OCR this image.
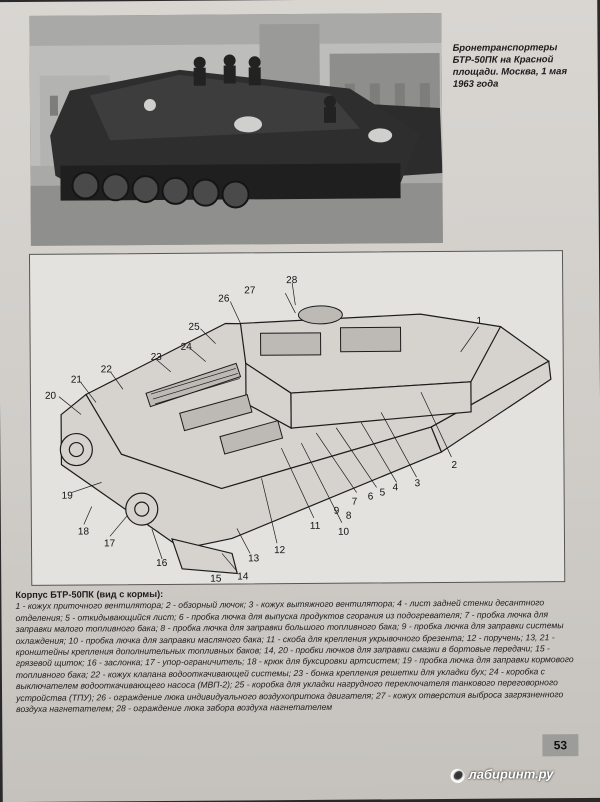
Бронетранспортеры БТР-50ПК на Красной площади. Москва, 1 мая 1963 года
1
2
3
4
5
6
7
8
9
10
11
12
13
14
15
16
17
18
19
20
21
22
23
24
25
26
27
28
Корпус БТР-50ПК (вид с кормы):
1 - кожух приточного вентилятора; 2 - обзорный лючок; 3 - кожух вытяжного вентилятора; 4 - лист задней стенки десантного отделения; 5 - откидывающийся лист; 6 - пробка лючка для выпуска продуктов сгорания из подогревателя; 7 - пробка лючка для заправки малого топливного бака; 8 - пробка лючка для заправки большого топливного бака; 9 - пробка лючка для заправки системы охлаждения; 10 - пробка лючка для заправки масляного бака; 11 - скоба для крепления укрывочного брезента; 12 - поручень; 13, 21 - кронштейны крепления дополнительных топливных баков; 14, 20 - пробки лючков для заправки смазки в бортовые передачи; 15 - грязевой щиток; 16 - заслонка; 17 - упор-ограничитель; 18 - крюк для буксировки артсистем; 19 - пробка лючка для заправки кормового топливного бака; 22 - кожух клапана водооткачивающей системы; 23 - бонка крепления решетки для укладки бух; 24 - коробка с выключателем водооткачивающего насоса (МВП-2); 25 - коробка для укладки нагрудного переключателя танкового переговорного устройства (ТПУ); 26 - ограждение люка индивидуального воздухопритока двигателя; 27 - кожух отверстия выброса загрязненного воздуха нагнетателем; 28 - ограждение люка забора воздуха нагнетателем
53
◉ лабиринт.ру
